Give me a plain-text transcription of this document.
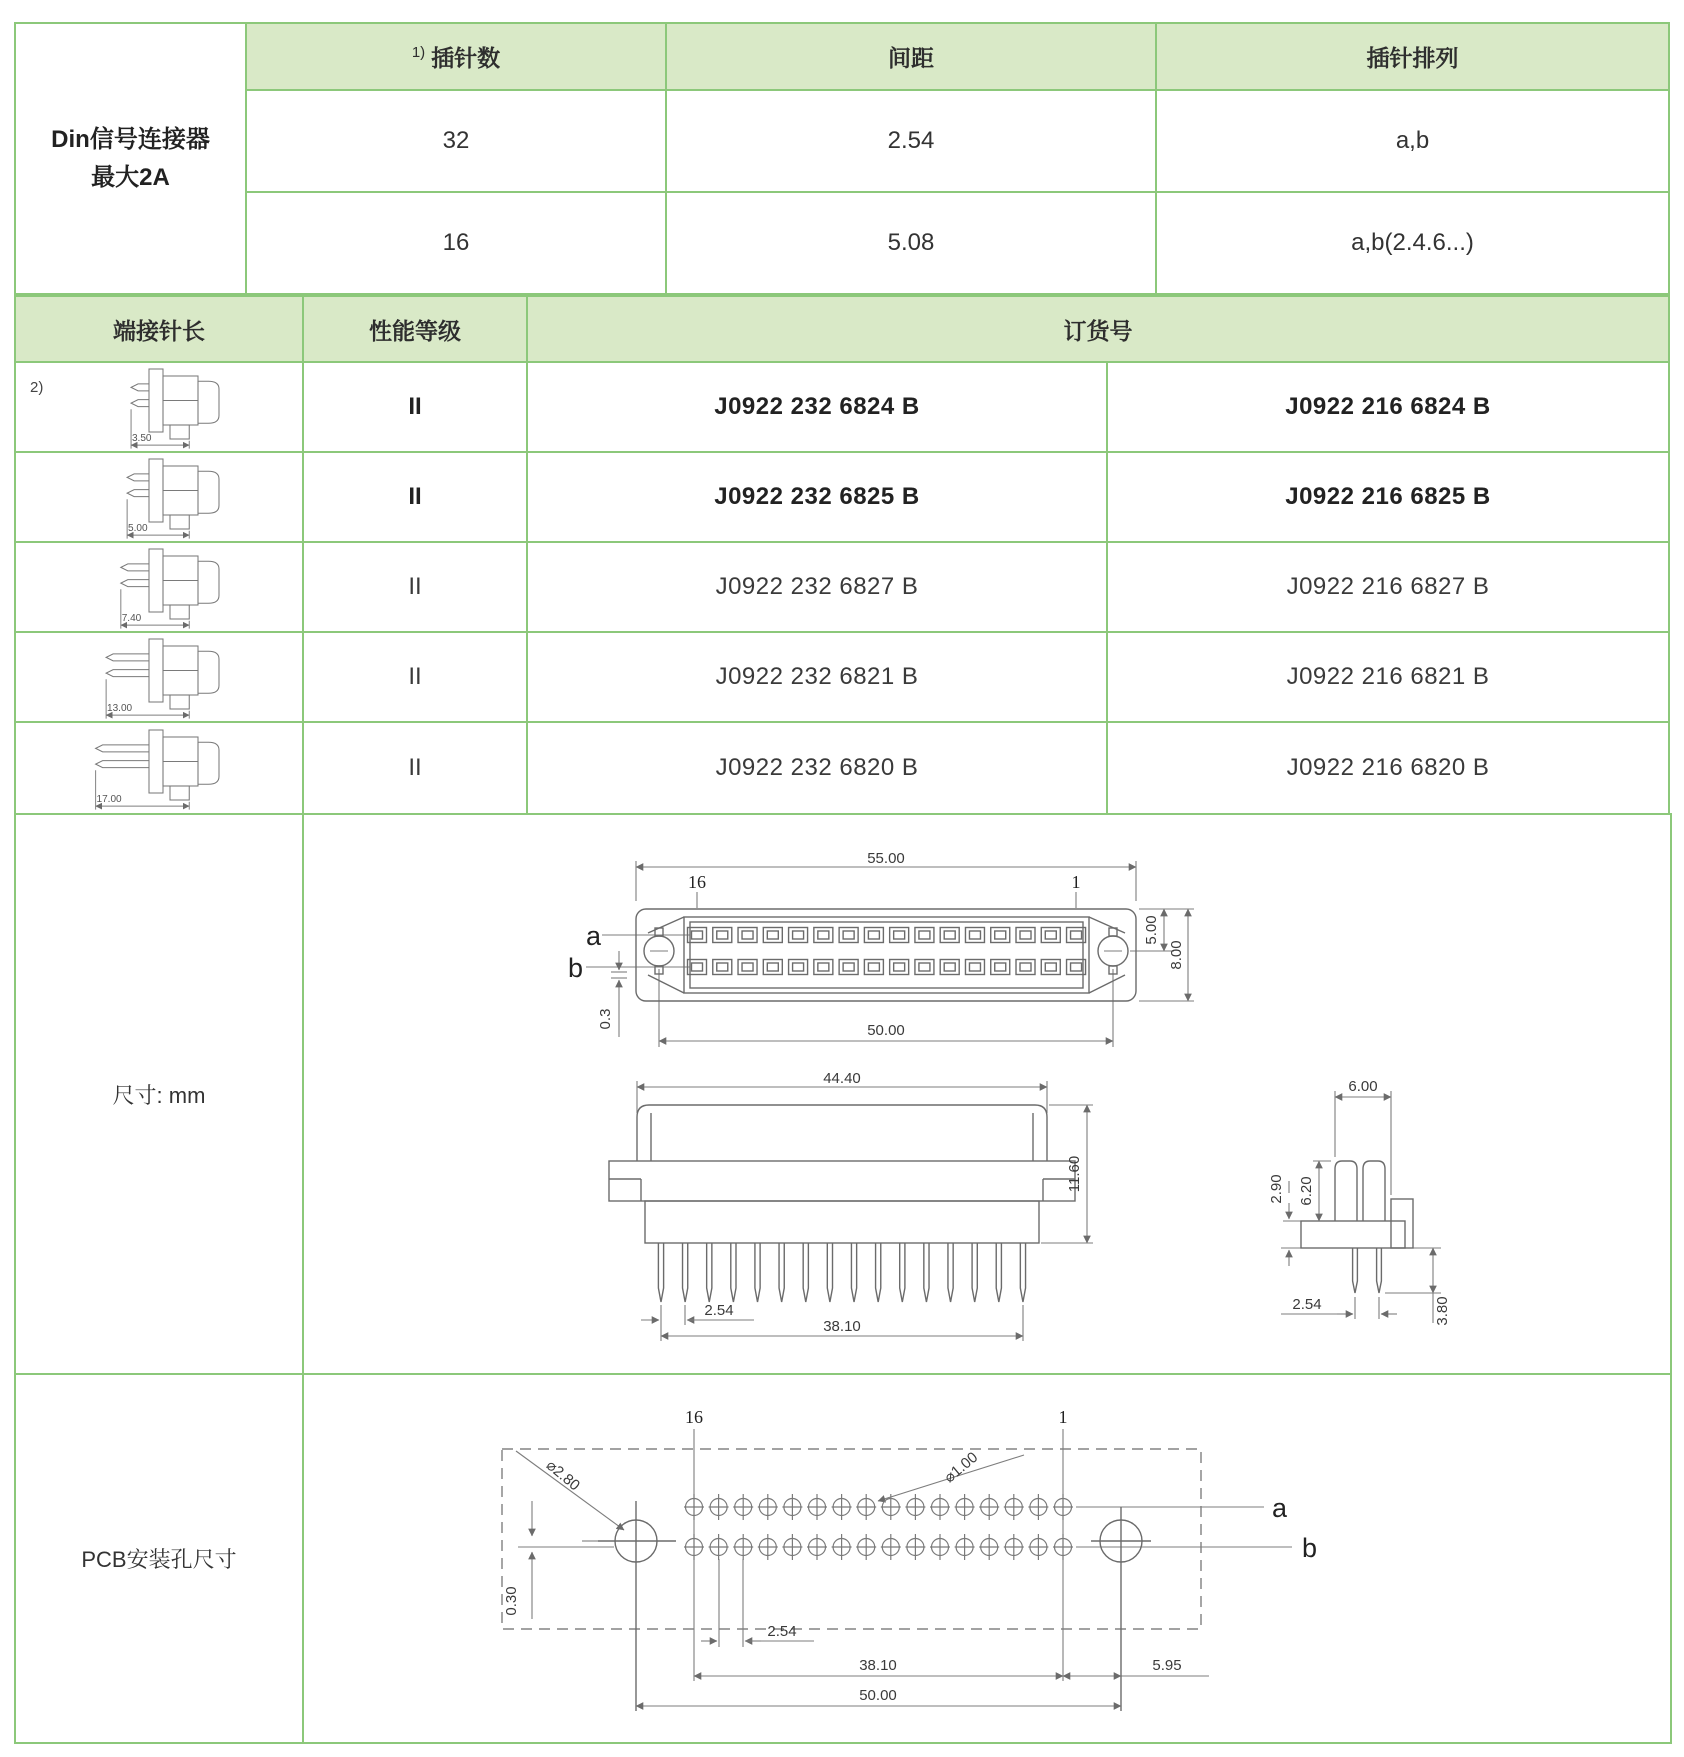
Din信号连接器
最大2A
1) 插针数	间距	插针排列
32	2.54	a,b
16	5.08	a,b(2.4.6...)
端接针长	性能等级	订货号
2)
3.50
II	J0922 232 6824 B	J0922 216 6824 B
5.00
II	J0922 232 6825 B	J0922 216 6825 B
7.40
II	J0922 232 6827 B	J0922 216 6827 B
13.00
II	J0922 232 6821 B	J0922 216 6821 B
17.00
II	J0922 232 6820 B	J0922 216 6820 B
尺寸: mm
55.00
16	1
a
b
0.3
5.00
8.00
50.00
44.40
2.54
38.10
11.60
6.00
6.20
2.90
2.54	3.80
PCB安装孔尺寸
16	1
a
b
⌀2.80	⌀1.00
0.30
2.54
38.10	5.95
50.00
